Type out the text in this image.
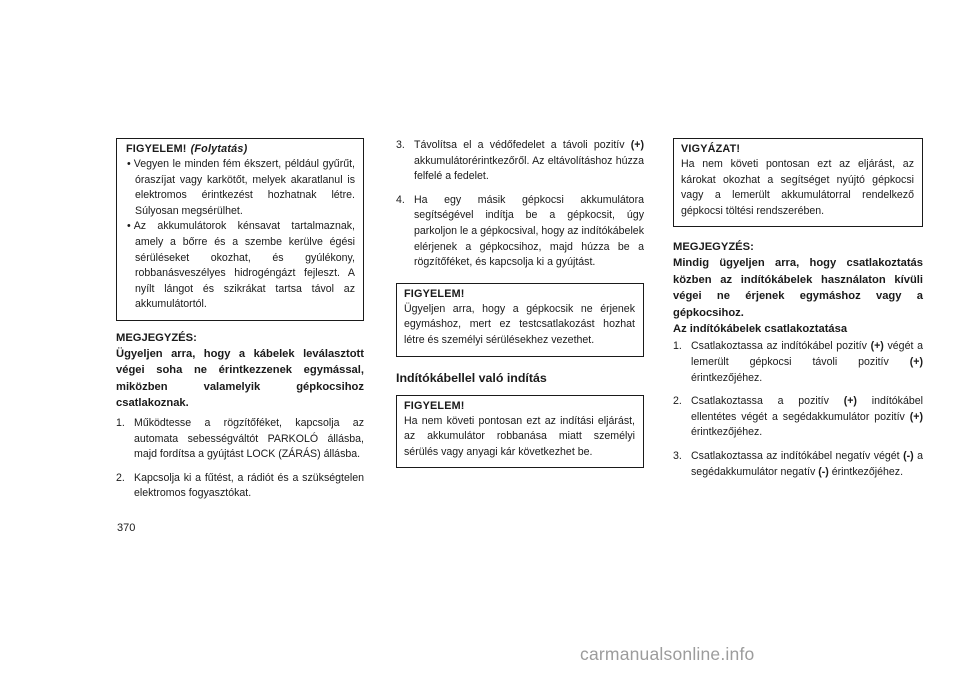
FIGYELEM! (Folytatás)
• Vegyen le minden fém ékszert, például gyűrűt, óraszíjat vagy karkötőt, melyek akaratlanul is elektromos érintkezést hozhatnak létre. Súlyosan megsérülhet.
• Az akkumulátorok kénsavat tartalmaznak, amely a bőrre és a szembe kerülve égési sérüléseket okozhat, és gyúlékony, robbanásveszélyes hidrogéngázt fejleszt. A nyílt lángot és szikrákat tartsa távol az akkumulátortól.

MEGJEGYZÉS:

Ügyeljen arra, hogy a kábelek leválasztott végei soha ne érintkezzenek egymással, miközben valamelyik gépkocsihoz csatlakoznak.

1. Működtesse a rögzítőféket, kapcsolja az automata sebességváltót PARKOLÓ állásba, majd fordítsa a gyújtást LOCK (ZÁRÁS) állásba.
2. Kapcsolja ki a fűtést, a rádiót és a szükségtelen elektromos fogyasztókat.
3. Távolítsa el a védőfedelet a távoli pozitív (+) akkumulátorérintkezőről. Az eltávolításhoz húzza felfelé a fedelet.
4. Ha egy másik gépkocsi akkumulátora segítségével indítja be a gépkocsit, úgy parkoljon le a gépkocsival, hogy az indítókábelek elérjenek a gépkocsihoz, majd húzza be a rögzítőféket, és kapcsolja ki a gyújtást.
FIGYELEM!

Ügyeljen arra, hogy a gépkocsik ne érjenek egymáshoz, mert ez testcsatlakozást hozhat létre és személyi sérülésekhez vezethet.

Indítókábellel való indítás

FIGYELEM!

Ha nem követi pontosan ezt az indítási eljárást, az akkumulátor robbanása miatt személyi sérülés vagy anyagi kár következhet be.

VIGYÁZAT!

Ha nem követi pontosan ezt az eljárást, az károkat okozhat a segítséget nyújtó gépkocsi vagy a lemerült akkumulátorral rendelkező gépkocsi töltési rendszerében.

MEGJEGYZÉS:

Mindig ügyeljen arra, hogy csatlakoztatás közben az indítókábelek használaton kívüli végei ne érjenek egymáshoz vagy a gépkocsihoz.

Az indítókábelek csatlakoztatása

1. Csatlakoztassa az indítókábel pozitív (+) végét a lemerült gépkocsi távoli pozitív (+) érintkezőjéhez.
2. Csatlakoztassa a pozitív (+) indítókábel ellentétes végét a segédakkumulátor pozitív (+) érintkezőjéhez.
3. Csatlakoztassa az indítókábel negatív végét (-) a segédakkumulátor negatív (-) érintkezőjéhez.
370
carmanualsonline.info
